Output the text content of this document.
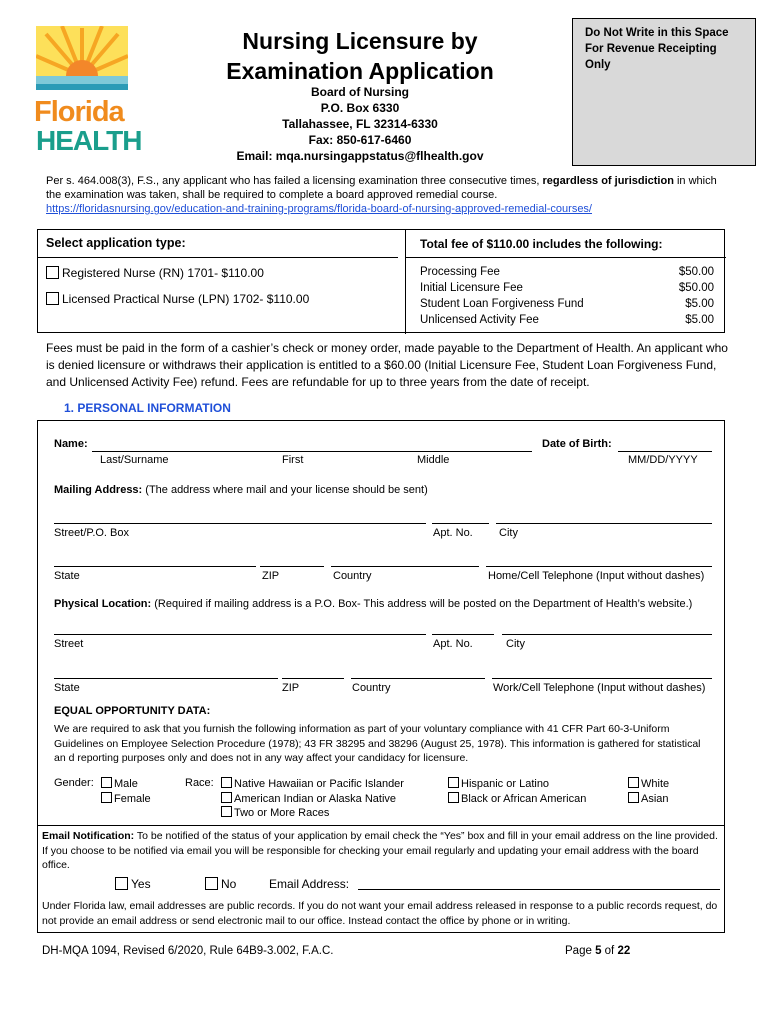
Florida
HEALTH
Nursing Licensure by
Examination Application
Board of Nursing
P.O. Box 6330
Tallahassee, FL 32314-6330
Fax: 850-617-6460
Email: mqa.nursingappstatus@flhealth.gov
Do Not Write in this Space
For Revenue Receipting Only
Per s. 464.008(3), F.S., any applicant who has failed a licensing examination three consecutive times, regardless of jurisdiction in which the examination was taken, shall be required to complete a board approved remedial course.
https://floridasnursing.gov/education-and-training-programs/florida-board-of-nursing-approved-remedial-courses/
Select application type:
Registered Nurse (RN) 1701- $110.00
Licensed Practical Nurse (LPN) 1702- $110.00
Total fee of $110.00 includes the following:
Processing Fee	$50.00
Initial Licensure Fee	$50.00
Student Loan Forgiveness Fund	$5.00
Unlicensed Activity Fee	$5.00
Fees must be paid in the form of a cashier’s check or money order, made payable to the Department of Health. An applicant who is denied licensure or withdraws their application is entitled to a $60.00 (Initial Licensure Fee, Student Loan Forgiveness Fund, and Unlicensed Activity Fee) refund. Fees are refundable for up to three years from the date of receipt.
1. PERSONAL INFORMATION
Name:	Date of Birth:
Last/Surname	First	Middle	MM/DD/YYYY
Mailing Address: (The address where mail and your license should be sent)
Street/P.O. Box	Apt. No. City
State	ZIP	Country	Home/Cell Telephone (Input without dashes)
Physical Location: (Required if mailing address is a P.O. Box- This address will be posted on the Department of Health’s website.)
Street	Apt. No.	City
State	ZIP	Country	Work/Cell Telephone (Input without dashes)
EQUAL OPPORTUNITY DATA:
We are required to ask that you furnish the following information as part of your voluntary compliance with 41 CFR Part 60-3-Uniform Guidelines on Employee Selection Procedure (1978); 43 FR 38295 and 38296 (August 25, 1978). This information is gathered for statistical an d reporting purposes only and does not in any way affect your candidacy for licensure.
Gender:	Male
Female
Race:	Native Hawaiian or Pacific Islander
American Indian or Alaska Native
Two or More Races
Hispanic or Latino
Black or African American
White
Asian
Email Notification: To be notified of the status of your application by email check the “Yes” box and fill in your email address on the line provided. If you choose to be notified via email you will be responsible for checking your email regularly and updating your email address with the board office.
Yes	No	Email Address:
Under Florida law, email addresses are public records. If you do not want your email address released in response to a public records request, do not provide an email address or send electronic mail to our office. Instead contact the office by phone or in writing.
DH-MQA 1094, Revised 6/2020, Rule 64B9-3.002, F.A.C.	Page 5 of 22
